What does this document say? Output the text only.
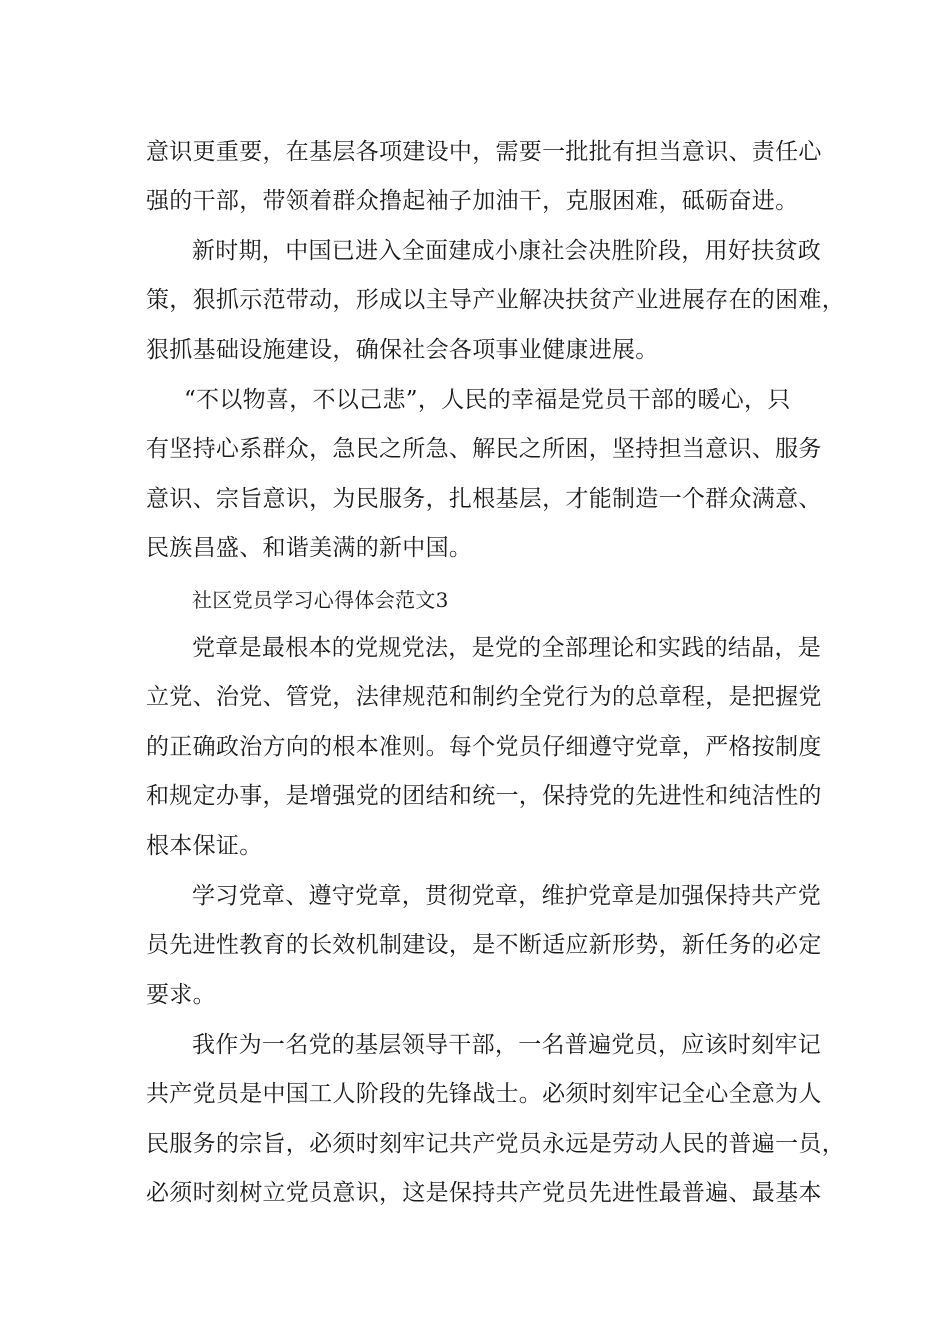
意识更重要，在基层各项建设中，需要一批批有担当意识、责任心
强的干部，带领着群众撸起袖子加油干，克服困难，砥砺奋进。
新时期，中国已进入全面建成小康社会决胜阶段，用好扶贫政
策，狠抓示范带动，形成以主导产业解决扶贫产业进展存在的困难，
狠抓基础设施建设，确保社会各项事业健康进展。
“不以物喜，不以己悲”，人民的幸福是党员干部的暖心，只
有坚持心系群众，急民之所急、解民之所困，坚持担当意识、服务
意识、宗旨意识，为民服务，扎根基层，才能制造一个群众满意、
民族昌盛、和谐美满的新中国。
社区党员学习心得体会范文3
党章是最根本的党规党法，是党的全部理论和实践的结晶，是
立党、治党、管党，法律规范和制约全党行为的总章程，是把握党
的正确政治方向的根本准则。每个党员仔细遵守党章，严格按制度
和规定办事，是增强党的团结和统一，保持党的先进性和纯洁性的
根本保证。
学习党章、遵守党章，贯彻党章，维护党章是加强保持共产党
员先进性教育的长效机制建设，是不断适应新形势，新任务的必定
要求。
我作为一名党的基层领导干部，一名普遍党员，应该时刻牢记
共产党员是中国工人阶段的先锋战士。必须时刻牢记全心全意为人
民服务的宗旨，必须时刻牢记共产党员永远是劳动人民的普遍一员，
必须时刻树立党员意识，这是保持共产党员先进性最普遍、最基本
